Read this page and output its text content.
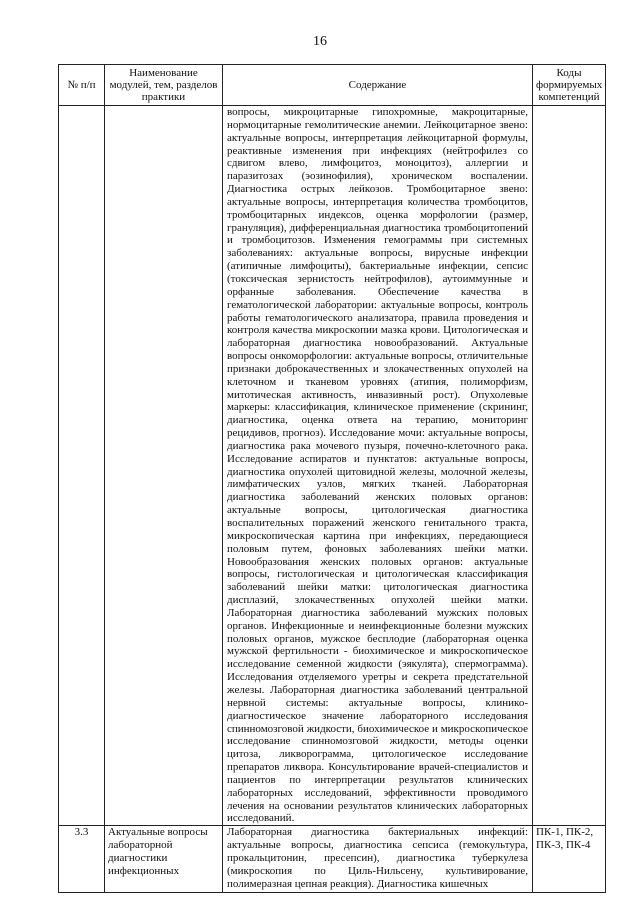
16
№ п/п	Наименование модулей, тем, разделов практики	Содержание	Коды формируемых компетенций
		вопросы, микроцитарные гипохромные, макроцитарные, нормоцитарные гемолитические анемии. Лейкоцитарное звено: актуальные вопросы, интерпретация лейкоцитарной формулы, реактивные изменения при инфекциях (нейтрофилез со сдвигом влево, лимфоцитоз, моноцитоз), аллергии и паразитозах (эозинофилия), хроническом воспалении. Диагностика острых лейкозов. Тромбоцитарное звено: актуальные вопросы, интерпретация количества тромбоцитов, тромбоцитарных индексов, оценка морфологии (размер, грануляция), дифференциальная диагностика тромбоцитопений и тромбоцитозов. Изменения гемограммы при системных заболеваниях: актуальные вопросы, вирусные инфекции (атипичные лимфоциты), бактериальные инфекции, сепсис (токсическая зернистость нейтрофилов), аутоиммунные и орфанные заболевания. Обеспечение качества в гематологической лаборатории: актуальные вопросы, контроль работы гематологического анализатора, правила проведения и контроля качества микроскопии мазка крови. Цитологическая и лабораторная диагностика новообразований. Актуальные вопросы онкоморфологии: актуальные вопросы, отличительные признаки доброкачественных и злокачественных опухолей на клеточном и тканевом уровнях (атипия, полиморфизм, митотическая активность, инвазивный рост). Опухолевые маркеры: классификация, клиническое применение (скрининг, диагностика, оценка ответа на терапию, мониторинг рецидивов, прогноз). Исследование мочи: актуальные вопросы, диагностика рака мочевого пузыря, почечно-клеточного рака. Исследование аспиратов и пунктатов: актуальные вопросы, диагностика опухолей щитовидной железы, молочной железы, лимфатических узлов, мягких тканей. Лабораторная диагностика заболеваний женских половых органов: актуальные вопросы, цитологическая диагностика воспалительных поражений женского генитального тракта, микроскопическая картина при инфекциях, передающиеся половым путем, фоновых заболеваниях шейки матки. Новообразования женских половых органов: актуальные вопросы, гистологическая и цитологическая классификация заболеваний шейки матки: цитологическая диагностика дисплазий, злокачественных опухолей шейки матки. Лабораторная диагностика заболеваний мужских половых органов. Инфекционные и неинфекционные болезни мужских половых органов, мужское бесплодие (лабораторная оценка мужской фертильности - биохимическое и микроскопическое исследование семенной жидкости (эякулята), спермограмма). Исследования отделяемого уретры и секрета предстательной железы. Лабораторная диагностика заболеваний центральной нервной системы: актуальные вопросы, клинико-диагностическое значение лабораторного исследования спинномозговой жидкости, биохимическое и микроскопическое исследование спинномозговой жидкости, методы оценки цитоза, ликворограмма, цитологическое исследование препаратов ликвора. Консультирование врачей-специалистов и пациентов по интерпретации результатов клинических лабораторных исследований, эффективности проводимого лечения на основании результатов клинических лабораторных исследований.	
3.3	Актуальные вопросы лабораторной диагностики инфекционных	Лабораторная диагностика бактериальных инфекций: актуальные вопросы, диагностика сепсиса (гемокультура, прокальцитонин, пресепсин), диагностика туберкулеза (микроскопия по Циль-Нильсену, культивирование, полимеразная цепная реакция). Диагностика кишечных	ПК-1, ПК-2, ПК-3, ПК-4
